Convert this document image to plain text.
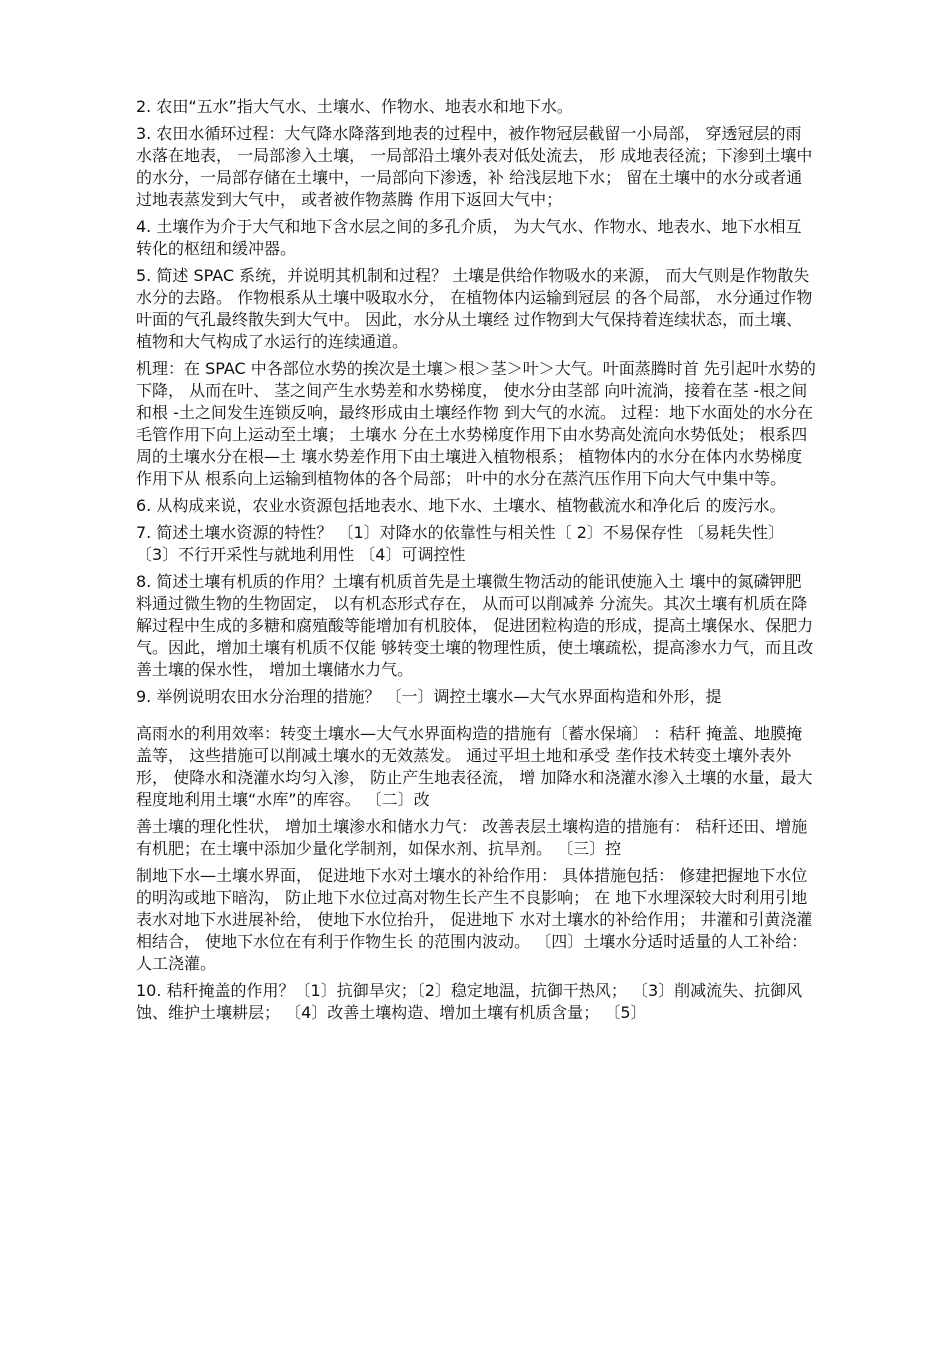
2. 农田“五水”指大气水、土壤水、作物水、地表水和地下水。

3. 农田水循环过程：大气降水降落到地表的过程中，被作物冠层截留一小局部， 穿透冠层的雨水落在地表， 一局部渗入土壤， 一局部沿土壤外表对低处流去， 形 成地表径流；下渗到土壤中的水分，一局部存储在土壤中，一局部向下渗透，补 给浅层地下水； 留在土壤中的水分或者通过地表蒸发到大气中， 或者被作物蒸腾 作用下返回大气中；

4. 土壤作为介于大气和地下含水层之间的多孔介质， 为大气水、作物水、地表水、地下水相互转化的枢纽和缓冲器。

5. 简述 SPAC 系统，并说明其机制和过程？ 土壤是供给作物吸水的来源， 而大气则是作物散失水分的去路。 作物根系从土壤中吸取水分， 在植物体内运输到冠层 的各个局部， 水分通过作物叶面的气孔最终散失到大气中。 因此，水分从土壤经 过作物到大气保持着连续状态，而土壤、植物和大气构成了水运行的连续通道。

机理：在 SPAC 中各部位水势的挨次是土壤＞根＞茎＞叶＞大气。叶面蒸腾时首 先引起叶水势的下降， 从而在叶、 茎之间产生水势差和水势梯度， 使水分由茎部 向叶流淌，接着在茎 -根之间和根 -土之间发生连锁反响，最终形成由土壤经作物 到大气的水流。 过程：地下水面处的水分在毛管作用下向上运动至土壤； 土壤水 分在土水势梯度作用下由水势高处流向水势低处； 根系四周的土壤水分在根—土 壤水势差作用下由土壤进入植物根系； 植物体内的水分在体内水势梯度作用下从 根系向上运输到植物体的各个局部； 叶中的水分在蒸汽压作用下向大气中集中等。

6. 从构成来说，农业水资源包括地表水、地下水、土壤水、植物截流水和净化后 的废污水。

7. 简述土壤水资源的特性？ 〔1〕对降水的依靠性与相关性〔 2〕不易保存性 〔易耗失性〕 〔3〕不行开采性与就地利用性 〔4〕可调控性

8. 简述土壤有机质的作用？土壤有机质首先是土壤微生物活动的能讯使施入土 壤中的氮磷钾肥料通过微生物的生物固定， 以有机态形式存在， 从而可以削减养 分流失。其次土壤有机质在降解过程中生成的多糖和腐殖酸等能增加有机胶体， 促进团粒构造的形成，提高土壤保水、保肥力气。因此，增加土壤有机质不仅能 够转变土壤的物理性质，使土壤疏松，提高渗水力气，而且改善土壤的保水性， 增加土壤储水力气。

9. 举例说明农田水分治理的措施？ 〔一〕调控土壤水—大气水界面构造和外形，提

高雨水的利用效率：转变土壤水—大气水界面构造的措施有〔蓄水保墒〕 ：秸秆 掩盖、地膜掩盖等， 这些措施可以削减土壤水的无效蒸发。 通过平坦土地和承受 垄作技术转变土壤外表外形， 使降水和浇灌水均匀入渗， 防止产生地表径流， 增 加降水和浇灌水渗入土壤的水量，最大程度地利用土壤“水库”的库容。 〔二〕改

善土壤的理化性状， 增加土壤渗水和储水力气： 改善表层土壤构造的措施有： 秸秆还田、增施有机肥；在土壤中添加少量化学制剂，如保水剂、抗旱剂。 〔三〕控

制地下水—土壤水界面， 促进地下水对土壤水的补给作用： 具体措施包括： 修建把握地下水位的明沟或地下暗沟， 防止地下水位过高对物生长产生不良影响； 在 地下水埋深较大时利用引地表水对地下水进展补给， 使地下水位抬升， 促进地下 水对土壤水的补给作用； 井灌和引黄浇灌相结合， 使地下水位在有利于作物生长 的范围内波动。 〔四〕土壤水分适时适量的人工补给：人工浇灌。

10. 秸秆掩盖的作用？〔1〕抗御旱灾；〔2〕稳定地温，抗御干热风； 〔3〕削减流失、抗御风蚀、维护土壤耕层； 〔4〕改善土壤构造、增加土壤有机质含量； 〔5〕
